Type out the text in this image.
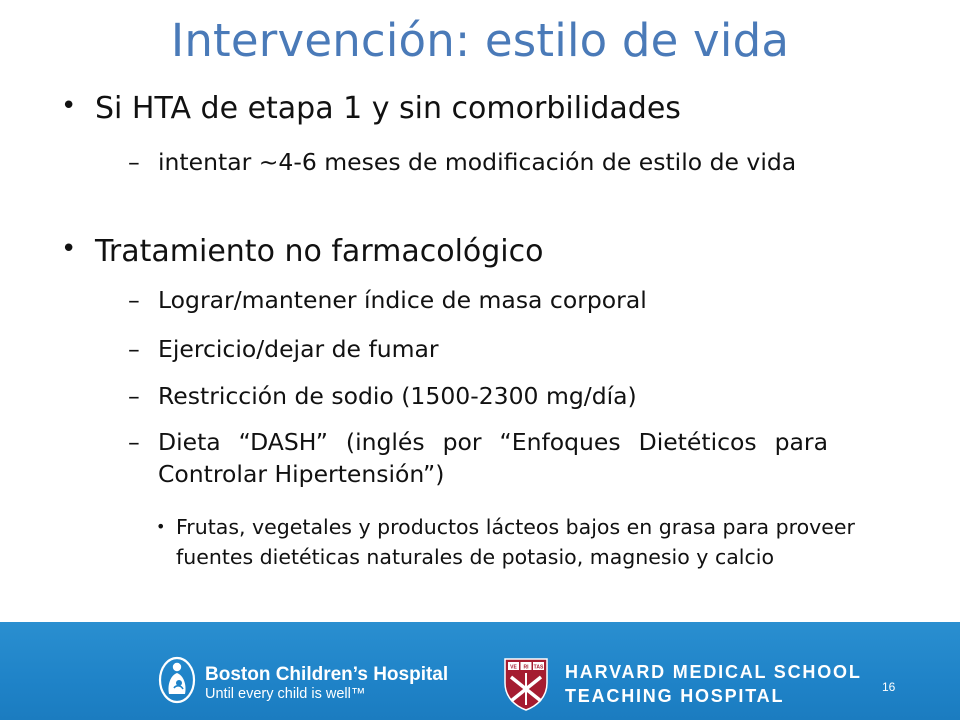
Intervención: estilo de vida
• Si HTA de etapa 1 y sin comorbilidades
– intentar ~4-6 meses de modificación de estilo de vida
• Tratamiento no farmacológico
– Lograr/mantener índice de masa corporal
– Ejercicio/dejar de fumar
– Restricción de sodio (1500-2300 mg/día)
– Dieta “DASH” (inglés por “Enfoques Dietéticos para Controlar Hipertensión”)
• Frutas, vegetales y productos lácteos bajos en grasa para proveer fuentes dietéticas naturales de potasio, magnesio y calcio
Boston Children’s Hospital
Until every child is well™
VE RI TAS HARVARD MEDICAL SCHOOL
TEACHING HOSPITAL	16
